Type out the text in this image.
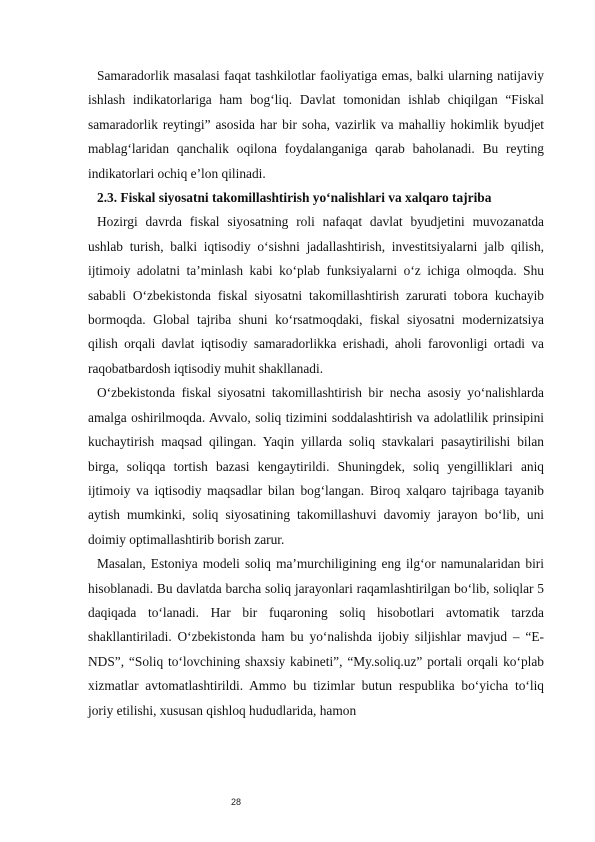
Samaradorlik masalasi faqat tashkilotlar faoliyatiga emas, balki ularning natijaviy ishlash indikatorlariga ham bog‘liq. Davlat tomonidan ishlab chiqilgan “Fiskal samaradorlik reytingi” asosida har bir soha, vazirlik va mahalliy hokimlik byudjet mablag‘laridan qanchalik oqilona foydalanganiga qarab baholanadi. Bu reyting indikatorlari ochiq e’lon qilinadi.

2.3. Fiskal siyosatni takomillashtirish yo‘nalishlari va xalqaro tajriba

Hozirgi davrda fiskal siyosatning roli nafaqat davlat byudjetini muvozanatda ushlab turish, balki iqtisodiy o‘sishni jadallashtirish, investitsiyalarni jalb qilish, ijtimoiy adolatni ta’minlash kabi ko‘plab funksiyalarni o‘z ichiga olmoqda. Shu sababli O‘zbekistonda fiskal siyosatni takomillashtirish zarurati tobora kuchayib bormoqda. Global tajriba shuni ko‘rsatmoqdaki, fiskal siyosatni modernizatsiya qilish orqali davlat iqtisodiy samaradorlikka erishadi, aholi farovonligi ortadi va raqobatbardosh iqtisodiy muhit shakllanadi.

O‘zbekistonda fiskal siyosatni takomillashtirish bir necha asosiy yo‘nalishlarda amalga oshirilmoqda. Avvalo, soliq tizimini soddalashtirish va adolatlilik prinsipini kuchaytirish maqsad qilingan. Yaqin yillarda soliq stavkalari pasaytirilishi bilan birga, soliqqa tortish bazasi kengaytirildi. Shuningdek, soliq yengilliklari aniq ijtimoiy va iqtisodiy maqsadlar bilan bog‘langan. Biroq xalqaro tajribaga tayanib aytish mumkinki, soliq siyosatining takomillashuvi davomiy jarayon bo‘lib, uni doimiy optimallashtirib borish zarur.

Masalan, Estoniya modeli soliq ma’murchiligining eng ilg‘or namunalaridan biri hisoblanadi. Bu davlatda barcha soliq jarayonlari raqamlashtirilgan bo‘lib, soliqlar 5 daqiqada to‘lanadi. Har bir fuqaroning soliq hisobotlari avtomatik tarzda shakllantiriladi. O‘zbekistonda ham bu yo‘nalishda ijobiy siljishlar mavjud – “E-NDS”, “Soliq to‘lovchining shaxsiy kabineti”, “My.soliq.uz” portali orqali ko‘plab xizmatlar avtomatlashtirildi. Ammo bu tizimlar butun respublika bo‘yicha to‘liq joriy etilishi, xususan qishloq hududlarida, hamon

28
